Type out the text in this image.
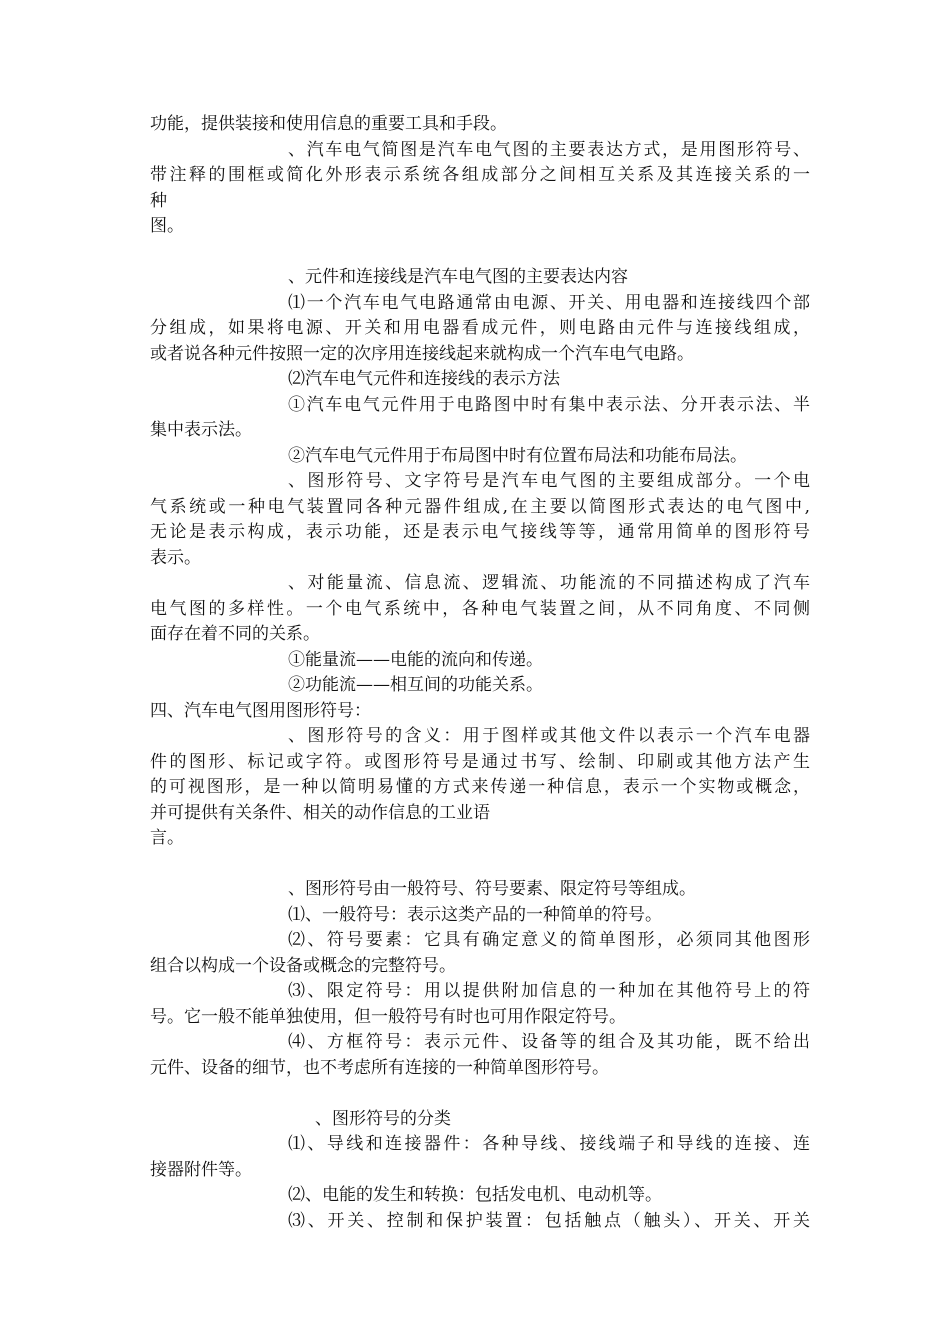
功能，提供装接和使用信息的重要工具和手段。
、汽车电气简图是汽车电气图的主要表达方式，是用图形符号、
带注释的围框或简化外形表示系统各组成部分之间相互关系及其连接关系的一
种
图。
、元件和连接线是汽车电气图的主要表达内容
⑴一个汽车电气电路通常由电源、开关、用电器和连接线四个部
分组成，如果将电源、开关和用电器看成元件，则电路由元件与连接线组成，
或者说各种元件按照一定的次序用连接线起来就构成一个汽车电气电路。
⑵汽车电气元件和连接线的表示方法
①汽车电气元件用于电路图中时有集中表示法、分开表示法、半
集中表示法。
②汽车电气元件用于布局图中时有位置布局法和功能布局法。
、图形符号、文字符号是汽车电气图的主要组成部分。一个电
气系统或一种电气装置同各种元器件组成,在主要以简图形式表达的电气图中,
无论是表示构成，表示功能，还是表示电气接线等等，通常用简单的图形符号
表示。
、对能量流、信息流、逻辑流、功能流的不同描述构成了汽车
电气图的多样性。一个电气系统中，各种电气装置之间，从不同角度、不同侧
面存在着不同的关系。
①能量流——电能的流向和传递。
②功能流——相互间的功能关系。
四、汽车电气图用图形符号：
、图形符号的含义：用于图样或其他文件以表示一个汽车电器
件的图形、标记或字符。或图形符号是通过书写、绘制、印刷或其他方法产生
的可视图形，是一种以简明易懂的方式来传递一种信息，表示一个实物或概念，
并可提供有关条件、相关的动作信息的工业语
言。
、图形符号由一般符号、符号要素、限定符号等组成。
⑴、一般符号：表示这类产品的一种简单的符号。
⑵、符号要素：它具有确定意义的简单图形，必须同其他图形
组合以构成一个设备或概念的完整符号。
⑶、限定符号：用以提供附加信息的一种加在其他符号上的符
号。它一般不能单独使用，但一般符号有时也可用作限定符号。
⑷、方框符号：表示元件、设备等的组合及其功能，既不给出
元件、设备的细节，也不考虑所有连接的一种简单图形符号。
、图形符号的分类
⑴、导线和连接器件：各种导线、接线端子和导线的连接、连
接器附件等。
⑵、电能的发生和转换：包括发电机、电动机等。
⑶、开关、控制和保护装置：包括触点（触头）、开关、开关
